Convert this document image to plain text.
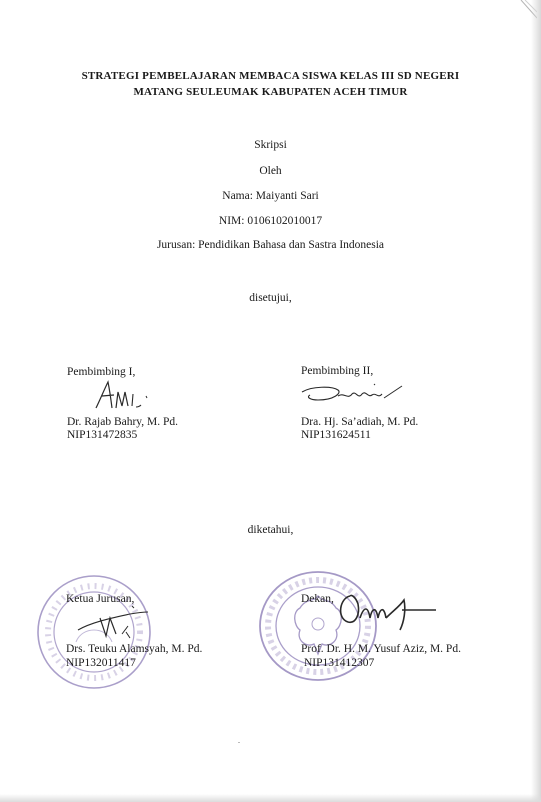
STRATEGI PEMBELAJARAN MEMBACA SISWA KELAS III SD NEGERI
MATANG SEULEUMAK KABUPATEN ACEH TIMUR
Skripsi
Oleh
Nama: Maiyanti Sari
NIM: 0106102010017
Jurusan: Pendidikan Bahasa dan Sastra Indonesia
disetujui,
Pembimbing I,
Dr. Rajab Bahry, M. Pd.
NIP131472835
Pembimbing II,
Dra. Hj. Sa’adiah, M. Pd.
NIP131624511
diketahui,
Ketua Jurusan,
Drs. Teuku Alamsyah, M. Pd.
NIP132011417
Dekan,
Prof. Dr. H. M. Yusuf Aziz, M. Pd.
NIP131412307
